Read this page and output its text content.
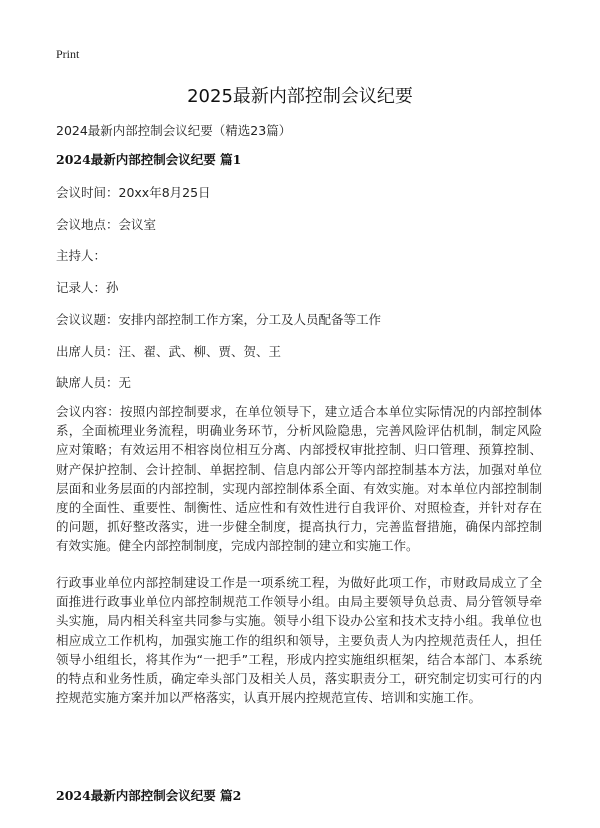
Print
2025最新内部控制会议纪要
2024最新内部控制会议纪要（精选23篇）
2024最新内部控制会议纪要 篇1
会议时间：20xx年8月25日
会议地点：会议室
主持人：
记录人：孙
会议议题：安排内部控制工作方案，分工及人员配备等工作
出席人员：汪、翟、武、柳、贾、贺、王
缺席人员：无

会议内容：按照内部控制要求，在单位领导下，建立适合本单位实际情况的内部控制体系，全面梳理业务流程，明确业务环节，分析风险隐患，完善风险评估机制，制定风险应对策略；有效运用不相容岗位相互分离、内部授权审批控制、归口管理、预算控制、财产保护控制、会计控制、单据控制、信息内部公开等内部控制基本方法，加强对单位层面和业务层面的内部控制，实现内部控制体系全面、有效实施。对本单位内部控制制度的全面性、重要性、制衡性、适应性和有效性进行自我评价、对照检查，并针对存在的问题，抓好整改落实，进一步健全制度，提高执行力，完善监督措施，确保内部控制有效实施。健全内部控制制度，完成内部控制的建立和实施工作。

行政事业单位内部控制建设工作是一项系统工程，为做好此项工作，市财政局成立了全面推进行政事业单位内部控制规范工作领导小组。由局主要领导负总责、局分管领导牵头实施，局内相关科室共同参与实施。领导小组下设办公室和技术支持小组。我单位也相应成立工作机构，加强实施工作的组织和领导，主要负责人为内控规范责任人，担任领导小组组长，将其作为“一把手”工程，形成内控实施组织框架，结合本部门、本系统的特点和业务性质，确定牵头部门及相关人员，落实职责分工，研究制定切实可行的内控规范实施方案并加以严格落实，认真开展内控规范宣传、培训和实施工作。

2024最新内部控制会议纪要 篇2
